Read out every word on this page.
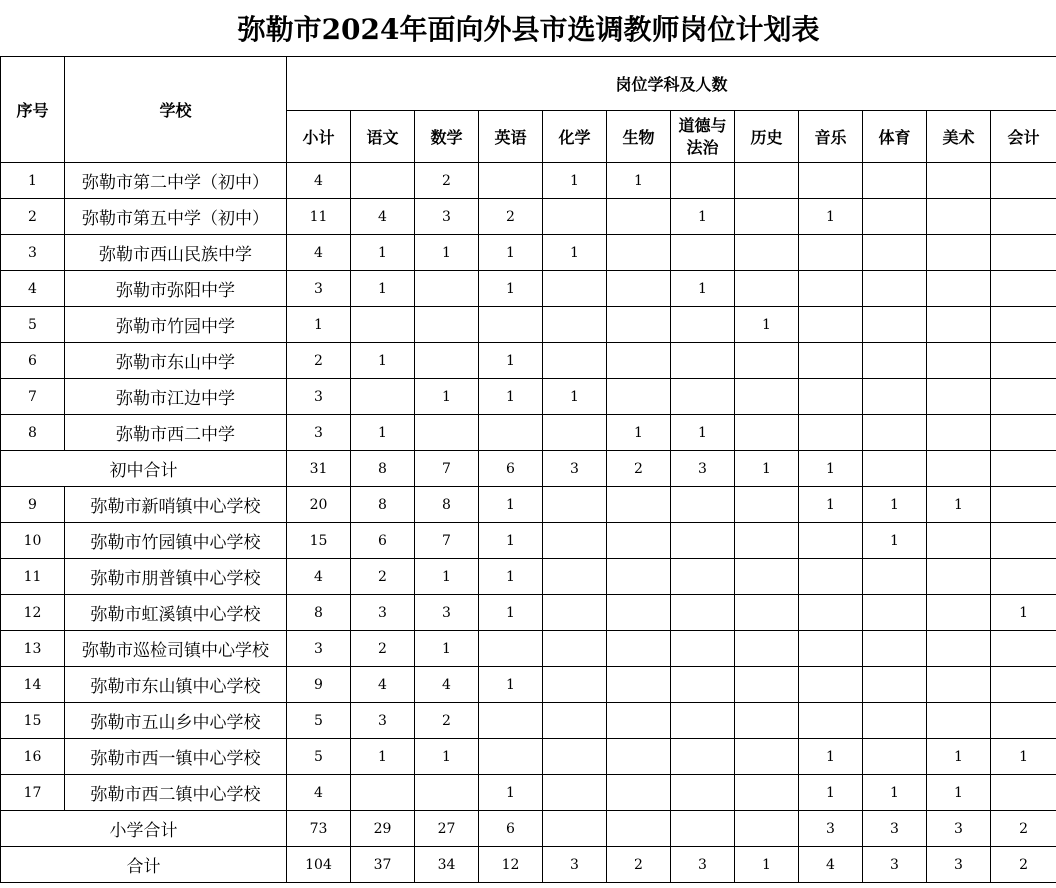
弥勒市2024年面向外县市选调教师岗位计划表													
序号	学校	岗位学科及人数											
		小计	语文	数学	英语	化学	生物	道德与法治	历史	音乐	体育	美术	会计
1	弥勒市第二中学（初中）	4		2		1	1						
2	弥勒市第五中学（初中）	11	4	3	2			1		1			
3	弥勒市西山民族中学	4	1	1	1	1							
4	弥勒市弥阳中学	3	1		1			1					
5	弥勒市竹园中学	1							1				
6	弥勒市东山中学	2	1		1								
7	弥勒市江边中学	3		1	1	1							
8	弥勒市西二中学	3	1				1	1					
初中合计		31	8	7	6	3	2	3	1	1			
9	弥勒市新哨镇中心学校	20	8	8	1					1	1	1	
10	弥勒市竹园镇中心学校	15	6	7	1						1		
11	弥勒市朋普镇中心学校	4	2	1	1								
12	弥勒市虹溪镇中心学校	8	3	3	1								1
13	弥勒市巡检司镇中心学校	3	2	1									
14	弥勒市东山镇中心学校	9	4	4	1								
15	弥勒市五山乡中心学校	5	3	2									
16	弥勒市西一镇中心学校	5	1	1						1		1	1
17	弥勒市西二镇中心学校	4			1					1	1	1	
小学合计		73	29	27	6					3	3	3	2
合计		104	37	34	12	3	2	3	1	4	3	3	2
